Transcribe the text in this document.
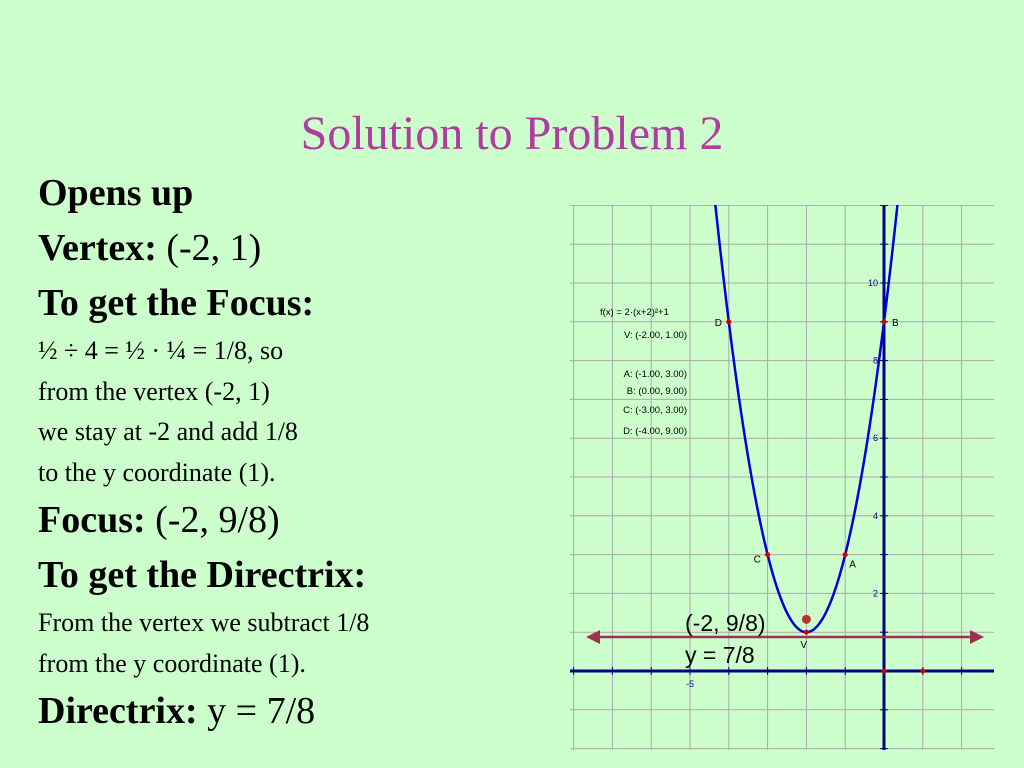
Solution to Problem 2
Opens up
Vertex: (-2, 1)
To get the Focus:
½ ÷ 4 = ½ · ¼ = 1/8, so
from the vertex (-2, 1)
we stay at -2 and add 1/8
to the y coordinate (1).
Focus: (-2, 9/8)
To get the Directrix:
From the vertex we subtract 1/8
from the y coordinate (1).
Directrix: y = 7/8
-5
2
4
6
8
10
D	B
C	A
V
f(x) = 2·(x+2)²+1
V: (-2.00, 1.00)
A: (-1.00, 3.00)
B: (0.00, 9.00)
C: (-3.00, 3.00)
D: (-4.00, 9.00)
(-2, 9/8)
y = 7/8
